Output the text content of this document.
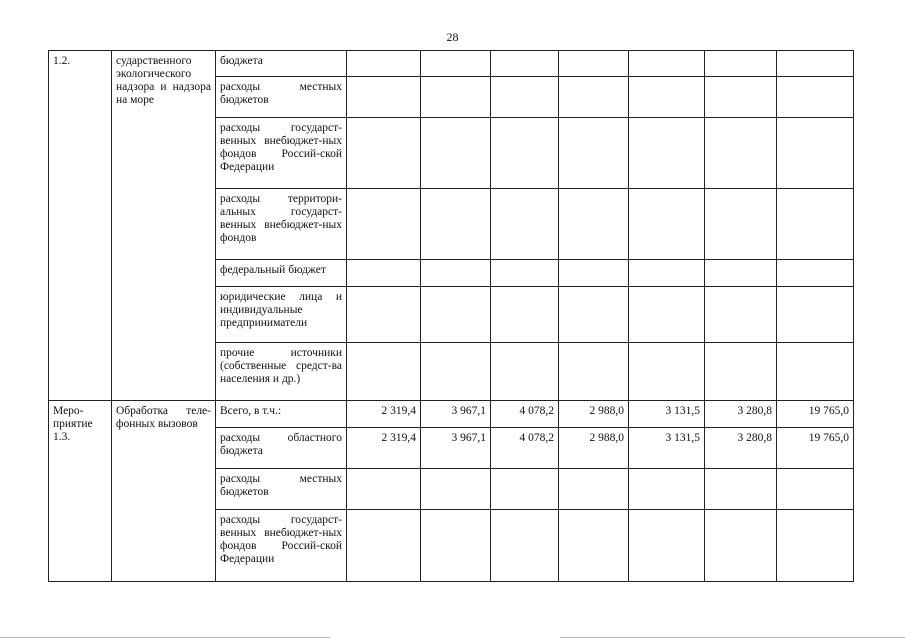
28
1.2.	сударственного экологического надзора и надзора на море	бюджета							
		расходы местных бюджетов							
		расходы государст-венных внебюджет-ных фондов Россий-ской Федерации							
		расходы территори-альных государст-венных внебюджет-ных фондов							
		федеральный бюджет							
		юридические лица и индивидуальные предприниматели							
		прочие источники (собственные средст-ва населения и др.)							
Меро-приятие 1.3.	Обработка теле-фонных вызовов	Всего, в т.ч.:	2 319,4	3 967,1	4 078,2	2 988,0	3 131,5	3 280,8	19 765,0
		расходы областного бюджета	2 319,4	3 967,1	4 078,2	2 988,0	3 131,5	3 280,8	19 765,0
		расходы местных бюджетов							
		расходы государст-венных внебюджет-ных фондов Россий-ской Федерации							
